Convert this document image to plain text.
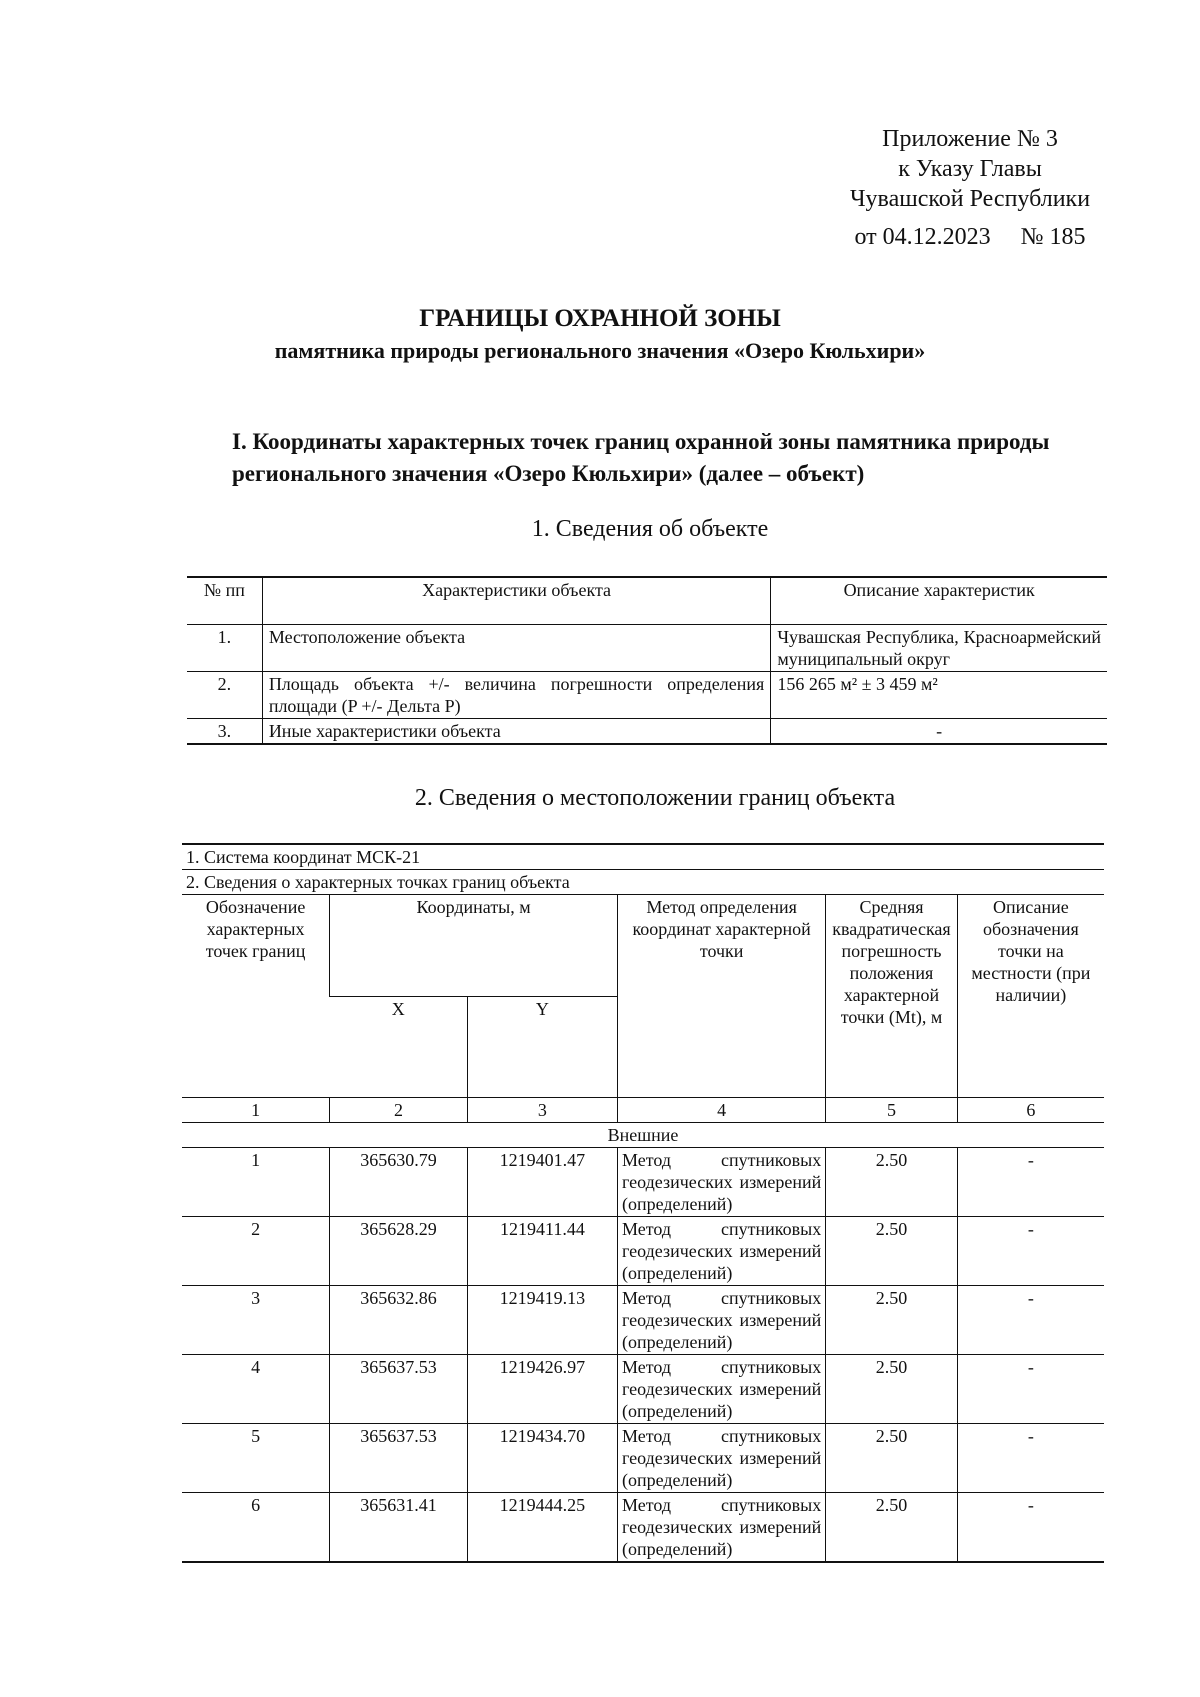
Приложение № 3
к Указу Главы
Чувашской Республики
от 04.12.2023 № 185
ГРАНИЦЫ ОХРАННОЙ ЗОНЫ
памятника природы регионального значения «Озеро Кюльхири»
I. Координаты характерных точек границ охранной зоны памятника природы регионального значения «Озеро Кюльхири» (далее – объект)
1. Сведения об объекте
№ пп	Характеристики объекта	Описание характеристик
1.	Местоположение объекта	Чувашская Республика, Красноармейский муниципальный округ
2.	Площадь объекта +/- величина погрешности определения площади (P +/- Дельта P)	156 265 м² ± 3 459 м²
3.	Иные характеристики объекта	-
2. Сведения о местоположении границ объекта
1. Система координат МСК-21					
2. Сведения о характерных точках границ объекта					
Обозначение характерных точек границ	Координаты, м		Метод определения координат характерной точки	Средняя квадратическая погрешность положения характерной точки (Mt), м	Описание обозначения точки на местности (при наличии)
	X	Y			
1	2	3	4	5	6
Внешние					
1	365630.79	1219401.47	Метод спутниковых геодезических измерений (определений)	2.50	-
2	365628.29	1219411.44	Метод спутниковых геодезических измерений (определений)	2.50	-
3	365632.86	1219419.13	Метод спутниковых геодезических измерений (определений)	2.50	-
4	365637.53	1219426.97	Метод спутниковых геодезических измерений (определений)	2.50	-
5	365637.53	1219434.70	Метод спутниковых геодезических измерений (определений)	2.50	-
6	365631.41	1219444.25	Метод спутниковых геодезических измерений (определений)	2.50	-
